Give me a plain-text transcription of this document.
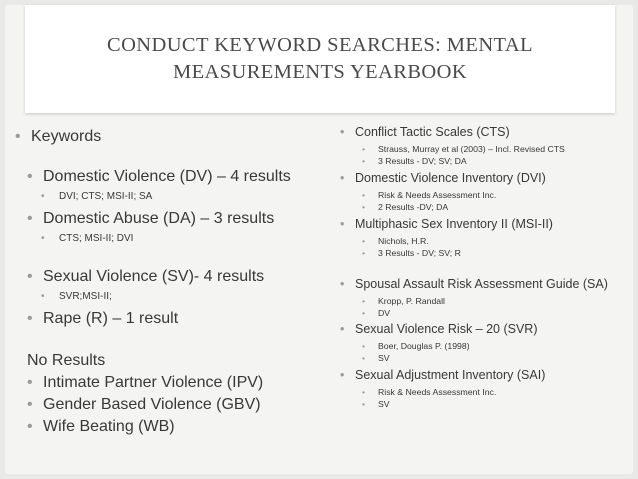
CONDUCT KEYWORD SEARCHES: MENTAL
MEASUREMENTS YEARBOOK
• Keywords
• Domestic Violence (DV) – 4 results
• DVI; CTS; MSI-II; SA
• Domestic Abuse (DA) – 3 results
• CTS; MSI-II; DVI
• Sexual Violence (SV)- 4 results
• SVR;MSI-II;
• Rape (R) – 1 result
No Results
• Intimate Partner Violence (IPV)
• Gender Based Violence (GBV)
• Wife Beating (WB)
• Conflict Tactic Scales (CTS)
• Strauss, Murray et al (2003) – Incl. Revised CTS
• 3 Results - DV; SV; DA
• Domestic Violence Inventory (DVI)
• Risk & Needs Assessment Inc.
• 2 Results -DV; DA
• Multiphasic Sex Inventory II (MSI-II)
• Nichols, H.R.
• 3 Results - DV; SV; R
• Spousal Assault Risk Assessment Guide (SA)
• Kropp, P. Randall
• DV
• Sexual Violence Risk – 20 (SVR)
• Boer, Douglas P. (1998)
• SV
• Sexual Adjustment Inventory (SAI)
• Risk & Needs Assessment Inc.
• SV
